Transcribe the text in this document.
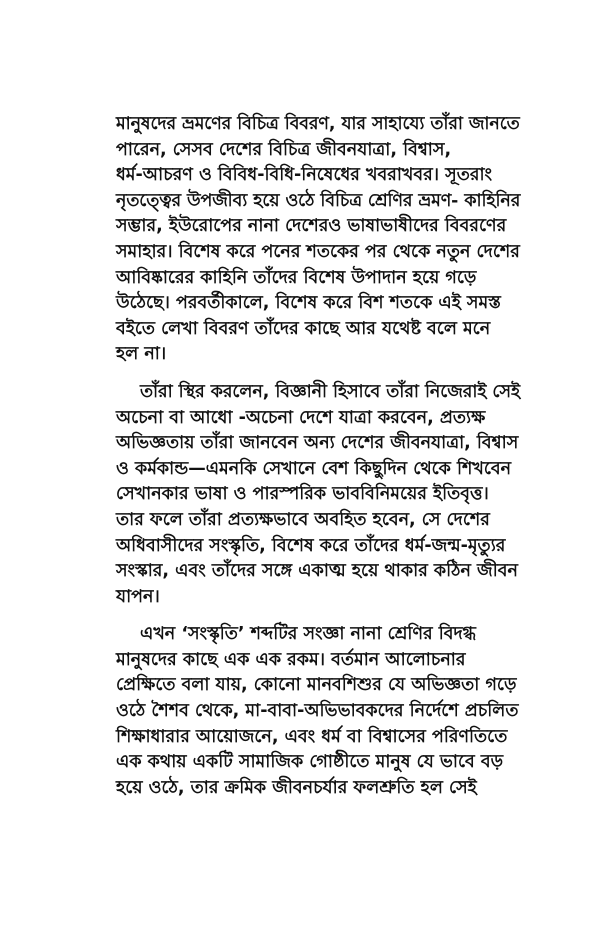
মানুষদের ভ্রমণের বিচিত্র বিবরণ, যার সাহায্যে তাঁরা জানতে
পারেন, সেসব দেশের বিচিত্র জীবনযাত্রা, বিশ্বাস,
ধর্ম-আচরণ ও বিবিধ-বিধি-নিষেধের খবরাখবর। সূতরাং
নৃতত্ত্বের উপজীব্য হয়ে ওঠে বিচিত্র শ্রেণির ভ্রমণ- কাহিনির
সম্ভার, ইউরোপের নানা দেশেরও ভাষাভাষীদের বিবরণের
সমাহার। বিশেষ করে পনের শতকের পর থেকে নতুন দেশের
আবিষ্কারের কাহিনি তাঁদের বিশেষ উপাদান হয়ে গড়ে
উঠেছে। পরবর্তীকালে, বিশেষ করে বিশ শতকে এই সমস্ত
বইতে লেখা বিবরণ তাঁদের কাছে আর যথেষ্ট বলে মনে
হল না।

তাঁরা স্থির করলেন, বিজ্ঞানী হিসাবে তাঁরা নিজেরাই সেই
অচেনা বা আধো -অচেনা দেশে যাত্রা করবেন, প্রত্যক্ষ
অভিজ্ঞতায় তাঁরা জানবেন অন্য দেশের জীবনযাত্রা, বিশ্বাস
ও কর্মকান্ড—এমনকি সেখানে বেশ কিছুদিন থেকে শিখবেন
সেখানকার ভাষা ও পারস্পরিক ভাববিনিময়ের ইতিবৃত্ত।
তার ফলে তাঁরা প্রত্যক্ষভাবে অবহিত হবেন, সে দেশের
অধিবাসীদের সংস্কৃতি, বিশেষ করে তাঁদের ধর্ম-জন্ম-মৃত্যুর
সংস্কার, এবং তাঁদের সঙ্গে একাত্ম হয়ে থাকার কঠিন জীবন
যাপন।

এখন ‘সংস্কৃতি’ শব্দটির সংজ্ঞা নানা শ্রেণির বিদগ্ধ
মানুষদের কাছে এক এক রকম। বর্তমান আলোচনার
প্রেক্ষিতে বলা যায়, কোনো মানবশিশুর যে অভিজ্ঞতা গড়ে
ওঠে শৈশব থেকে, মা-বাবা-অভিভাবকদের নির্দেশে প্রচলিত
শিক্ষাধারার আয়োজনে, এবং ধর্ম বা বিশ্বাসের পরিণতিতে
এক কথায় একটি সামাজিক গোষ্ঠীতে মানুষ যে ভাবে বড়
হয়ে ওঠে, তার ক্রমিক জীবনচর্যার ফলশ্রুতি হল সেই
